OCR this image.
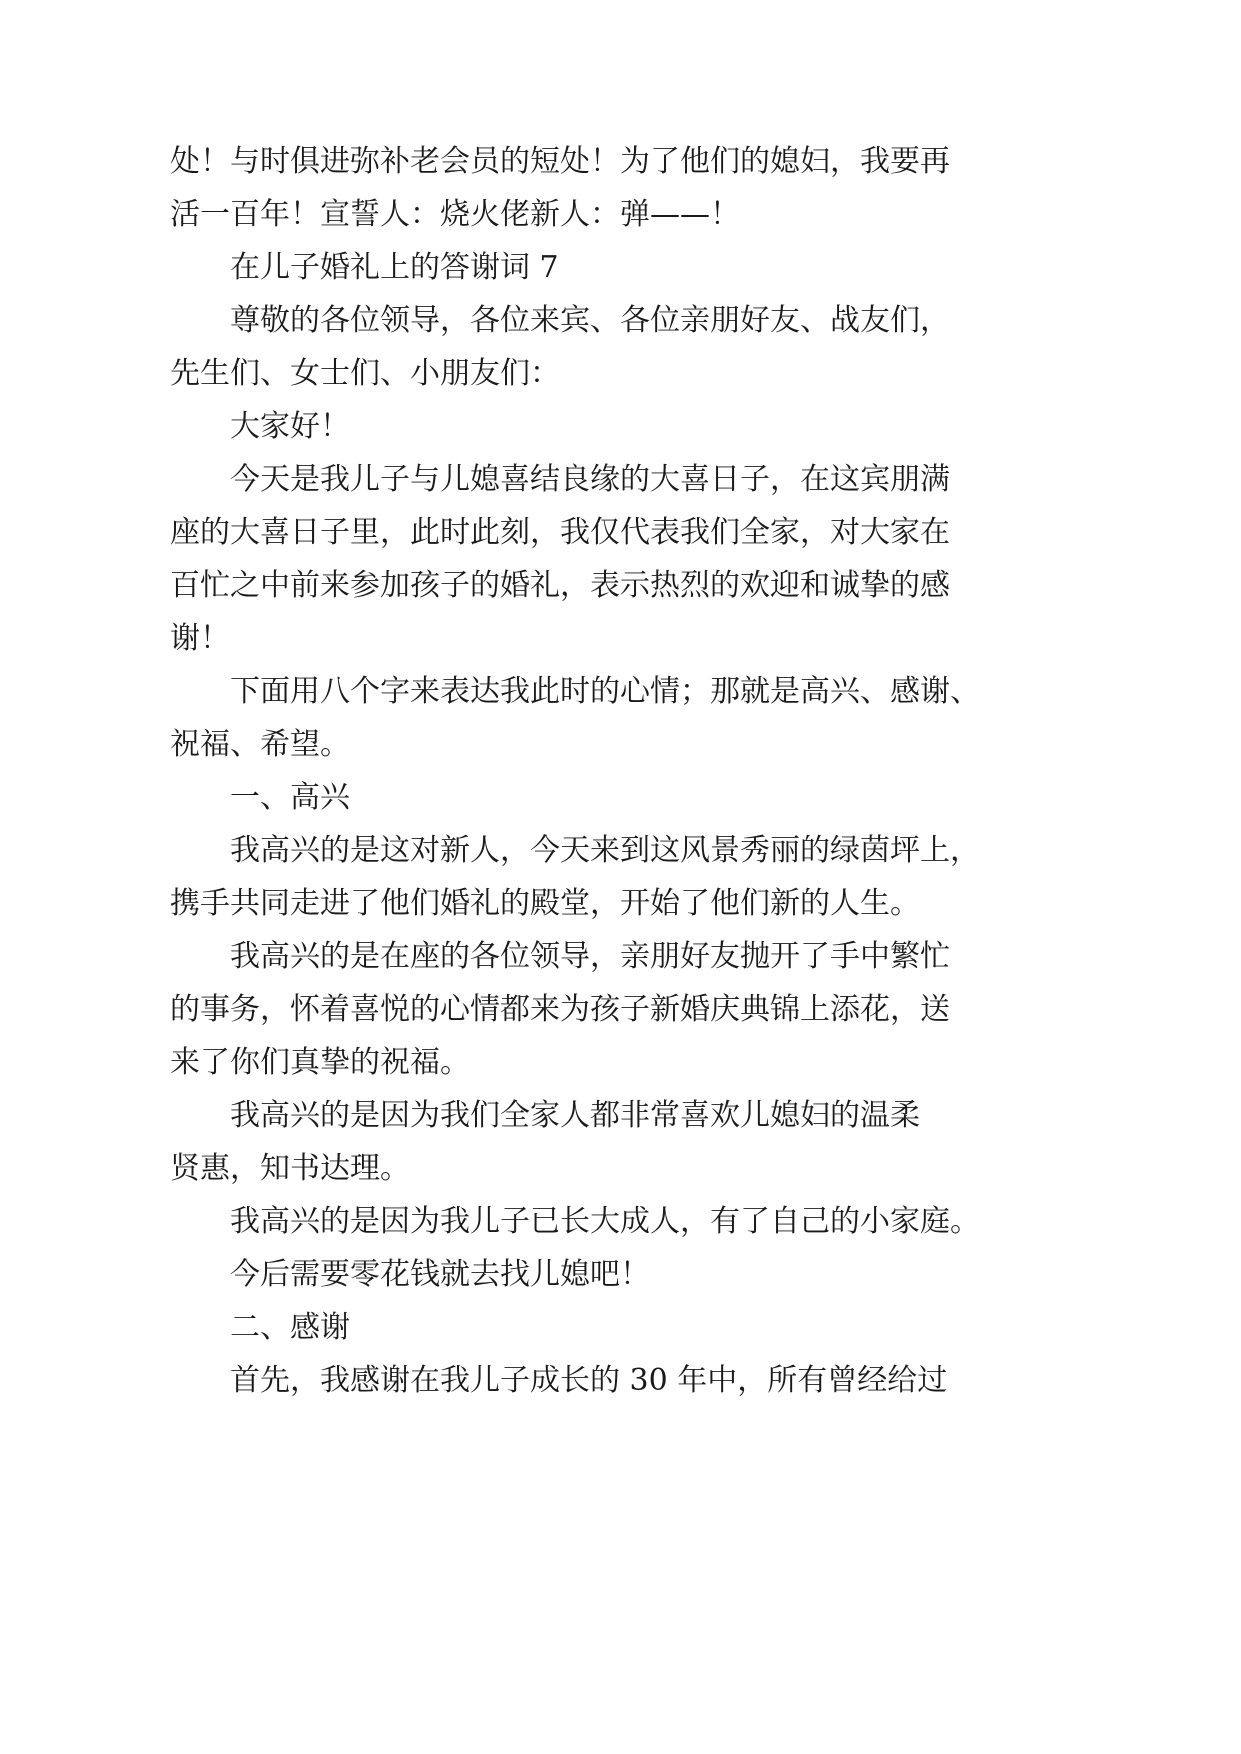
处！与时俱进弥补老会员的短处！为了他们的媳妇，我要再
活一百年！宣誓人：烧火佬新人：弹——！
在儿子婚礼上的答谢词 7
尊敬的各位领导，各位来宾、各位亲朋好友、战友们，
先生们、女士们、小朋友们：
大家好！
今天是我儿子与儿媳喜结良缘的大喜日子，在这宾朋满
座的大喜日子里，此时此刻，我仅代表我们全家，对大家在
百忙之中前来参加孩子的婚礼，表示热烈的欢迎和诚挚的感
谢！
下面用八个字来表达我此时的心情；那就是高兴、感谢、
祝福、希望。
一、高兴
我高兴的是这对新人，今天来到这风景秀丽的绿茵坪上，
携手共同走进了他们婚礼的殿堂，开始了他们新的人生。
我高兴的是在座的各位领导，亲朋好友抛开了手中繁忙
的事务，怀着喜悦的心情都来为孩子新婚庆典锦上添花，送
来了你们真挚的祝福。
我高兴的是因为我们全家人都非常喜欢儿媳妇的温柔
贤惠，知书达理。
我高兴的是因为我儿子已长大成人，有了自己的小家庭。
今后需要零花钱就去找儿媳吧！
二、感谢
首先，我感谢在我儿子成长的 30 年中，所有曾经给过
